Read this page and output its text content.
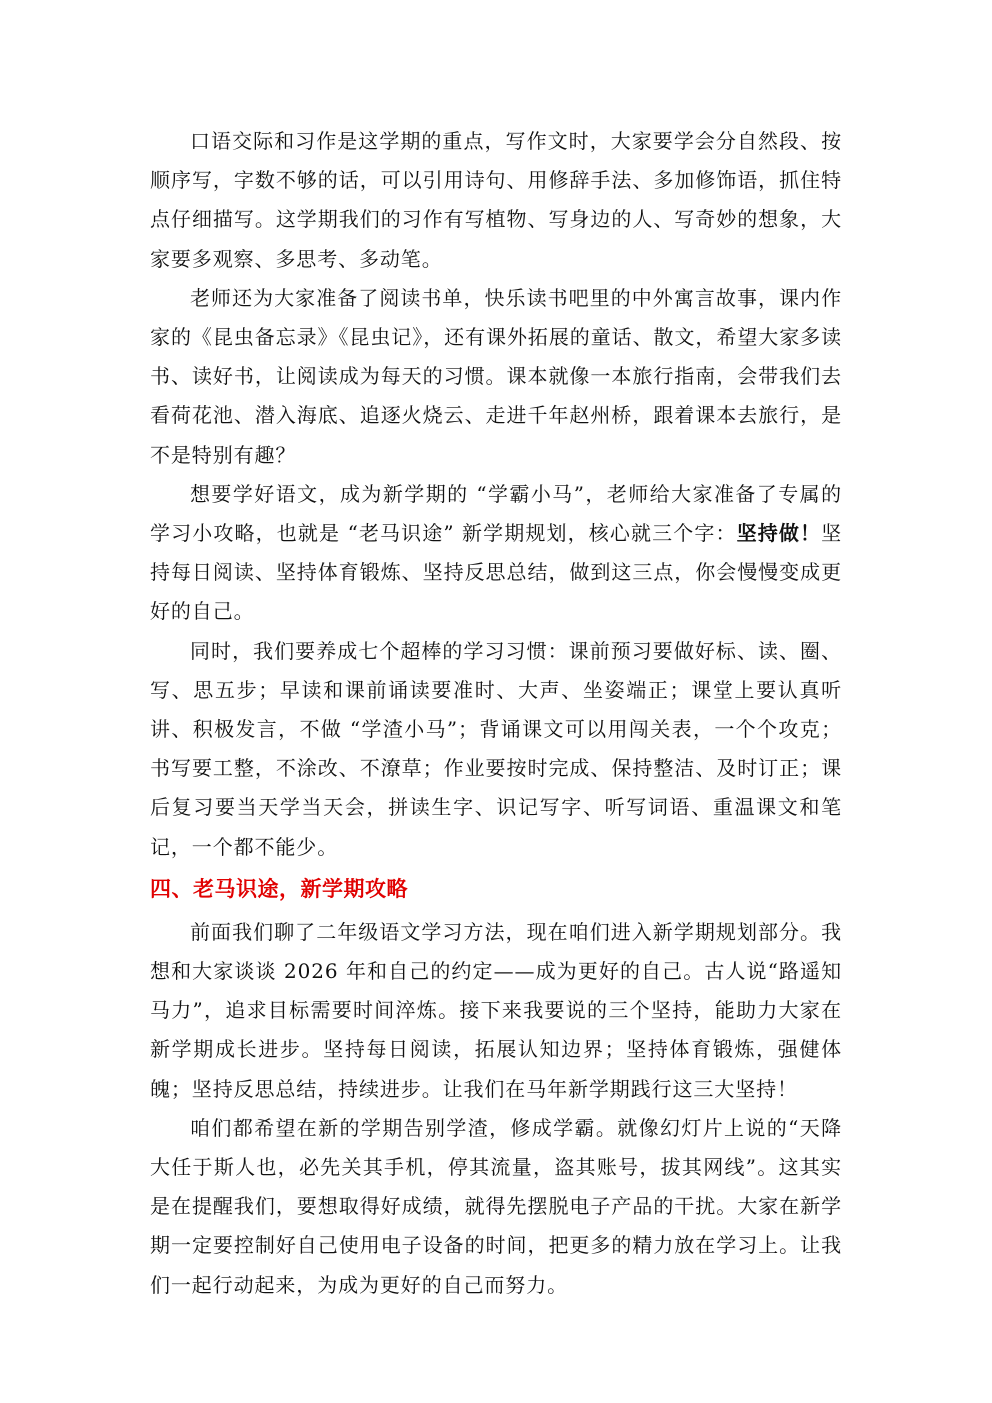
口语交际和习作是这学期的重点，写作文时，大家要学会分自然段、按顺序写，字数不够的话，可以引用诗句、用修辞手法、多加修饰语，抓住特点仔细描写。这学期我们的习作有写植物、写身边的人、写奇妙的想象，大家要多观察、多思考、多动笔。

老师还为大家准备了阅读书单，快乐读书吧里的中外寓言故事，课内作家的《昆虫备忘录》《昆虫记》，还有课外拓展的童话、散文，希望大家多读书、读好书，让阅读成为每天的习惯。课本就像一本旅行指南，会带我们去看荷花池、潜入海底、追逐火烧云、走进千年赵州桥，跟着课本去旅行，是不是特别有趣？

想要学好语文，成为新学期的 “学霸小马”，老师给大家准备了专属的学习小攻略，也就是 “老马识途” 新学期规划，核心就三个字：坚持做！坚持每日阅读、坚持体育锻炼、坚持反思总结，做到这三点，你会慢慢变成更好的自己。

同时，我们要养成七个超棒的学习习惯：课前预习要做好标、读、圈、写、思五步；早读和课前诵读要准时、大声、坐姿端正；课堂上要认真听讲、积极发言，不做 “学渣小马”；背诵课文可以用闯关表，一个个攻克；书写要工整，不涂改、不潦草；作业要按时完成、保持整洁、及时订正；课后复习要当天学当天会，拼读生字、识记写字、听写词语、重温课文和笔记，一个都不能少。

四、老马识途，新学期攻略

前面我们聊了二年级语文学习方法，现在咱们进入新学期规划部分。我想和大家谈谈 2026 年和自己的约定——成为更好的自己。古人说“路遥知马力”，追求目标需要时间淬炼。接下来我要说的三个坚持，能助力大家在新学期成长进步。坚持每日阅读，拓展认知边界；坚持体育锻炼，强健体魄；坚持反思总结，持续进步。让我们在马年新学期践行这三大坚持！

咱们都希望在新的学期告别学渣，修成学霸。就像幻灯片上说的“天降大任于斯人也，必先关其手机，停其流量，盗其账号，拔其网线”。这其实是在提醒我们，要想取得好成绩，就得先摆脱电子产品的干扰。大家在新学期一定要控制好自己使用电子设备的时间，把更多的精力放在学习上。让我们一起行动起来，为成为更好的自己而努力。
